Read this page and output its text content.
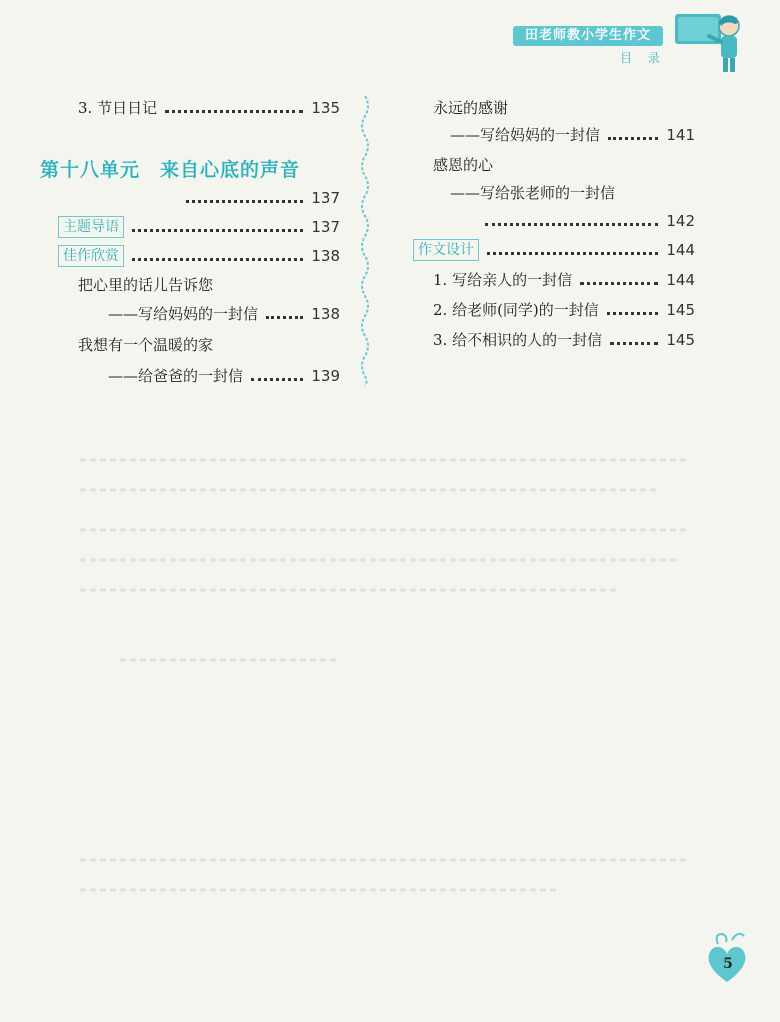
田老师教小学生作文
目 录
3. 节日日记	135
第十八单元　来自心底的声音
137
主题导语	137
佳作欣赏	138
把心里的话儿告诉您
——写给妈妈的一封信	138
我想有一个温暖的家
——给爸爸的一封信	139
永远的感谢
——写给妈妈的一封信	141
感恩的心
——写给张老师的一封信
142
作文设计	144
1. 写给亲人的一封信	144
2. 给老师(同学)的一封信	145
3. 给不相识的人的一封信	145
5
